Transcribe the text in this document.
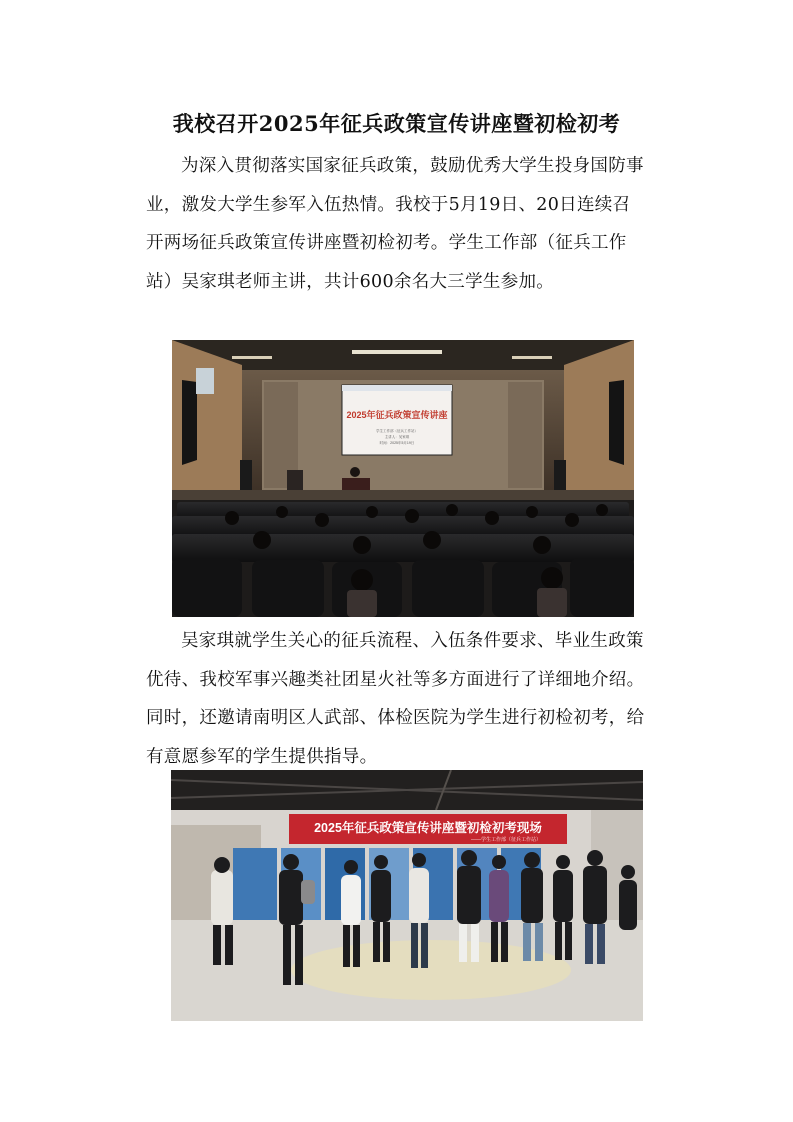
我校召开2025年征兵政策宣传讲座暨初检初考

为深入贯彻落实国家征兵政策，鼓励优秀大学生投身国防事业，激发大学生参军入伍热情。我校于5月19日、20日连续召开两场征兵政策宣传讲座暨初检初考。学生工作部（征兵工作站）吴家琪老师主讲，共计600余名大三学生参加。

2025年征兵政策宣传讲座
学生工作部（征兵工作站）
主讲人：吴家琪
时间：2025年5月19日

吴家琪就学生关心的征兵流程、入伍条件要求、毕业生政策优待、我校军事兴趣类社团星火社等多方面进行了详细地介绍。同时，还邀请南明区人武部、体检医院为学生进行初检初考，给有意愿参军的学生提供指导。

2025年征兵政策宣传讲座暨初检初考现场
——学生工作部（征兵工作站）
